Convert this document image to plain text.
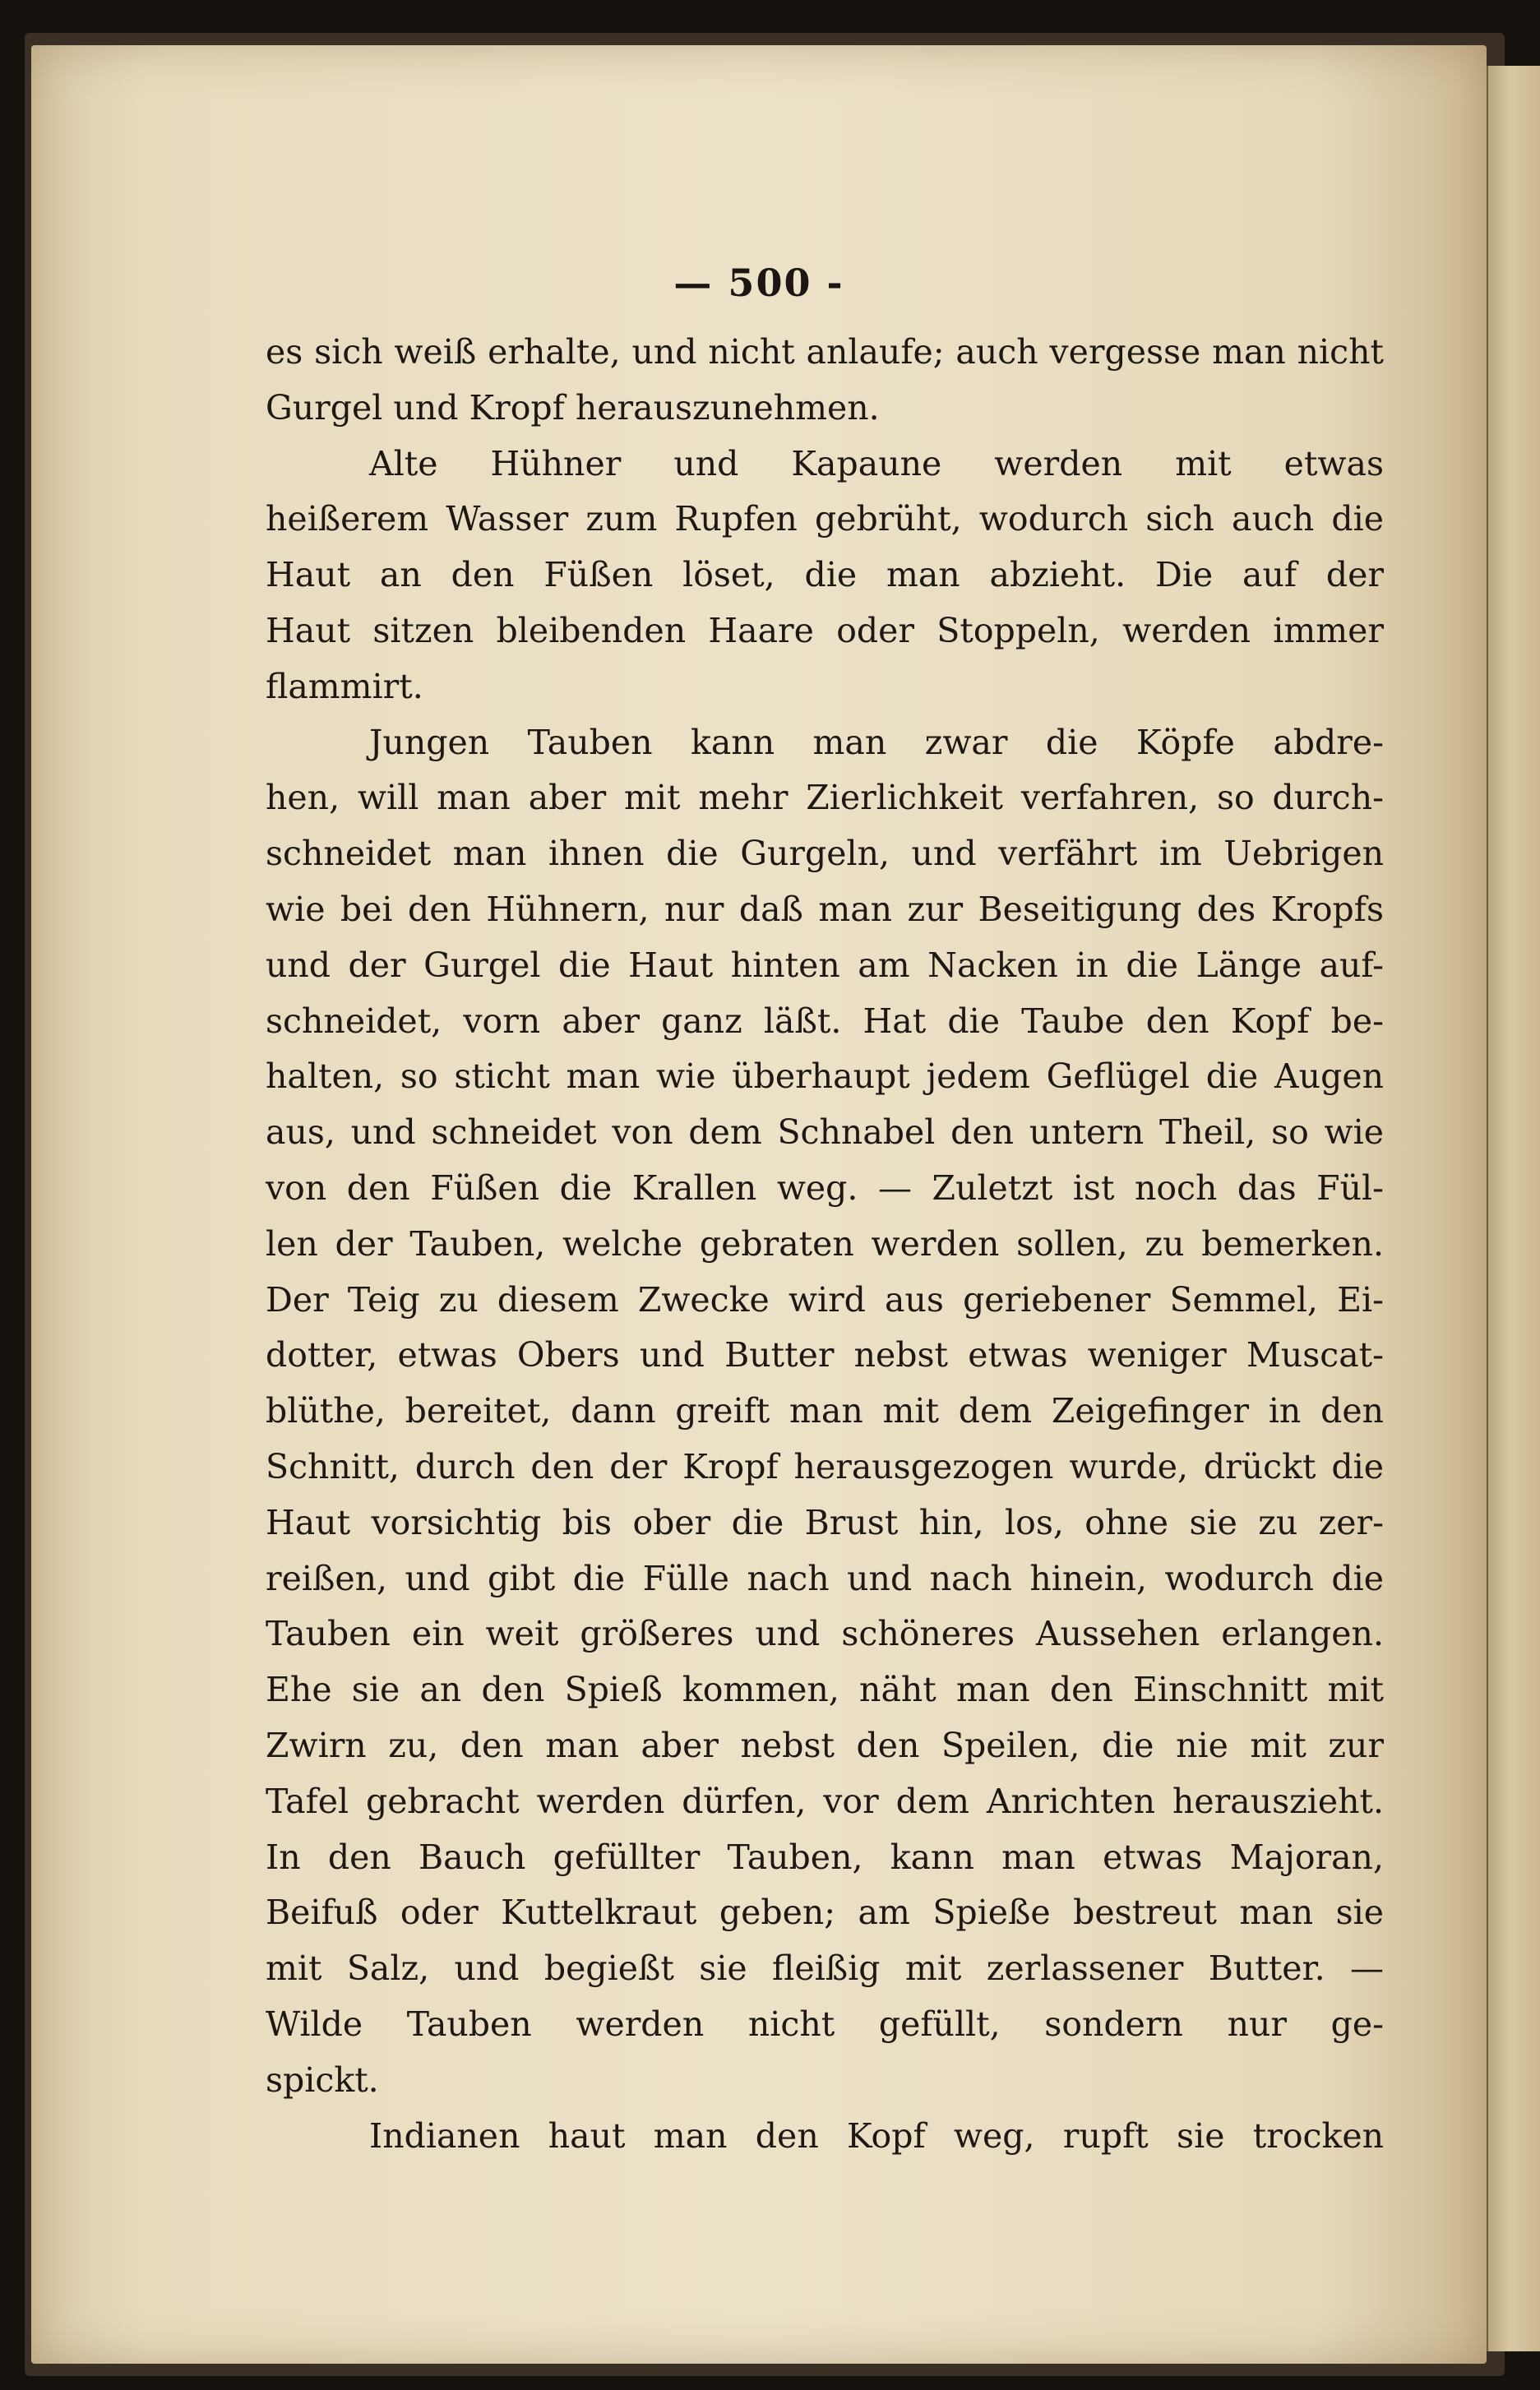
— 500 -
es sich weiß erhalte, und nicht anlaufe; auch vergesse man nicht
Gurgel und Kropf herauszunehmen.
Alte Hühner und Kapaune werden mit etwas
heißerem Wasser zum Rupfen gebrüht, wodurch sich auch die
Haut an den Füßen löset, die man abzieht. Die auf der
Haut sitzen bleibenden Haare oder Stoppeln, werden immer
flammirt.
Jungen Tauben kann man zwar die Köpfe abdre-
hen, will man aber mit mehr Zierlichkeit verfahren, so durch-
schneidet man ihnen die Gurgeln, und verfährt im Uebrigen
wie bei den Hühnern, nur daß man zur Beseitigung des Kropfs
und der Gurgel die Haut hinten am Nacken in die Länge auf-
schneidet, vorn aber ganz läßt. Hat die Taube den Kopf be-
halten, so sticht man wie überhaupt jedem Geflügel die Augen
aus, und schneidet von dem Schnabel den untern Theil, so wie
von den Füßen die Krallen weg. — Zuletzt ist noch das Fül-
len der Tauben, welche gebraten werden sollen, zu bemerken.
Der Teig zu diesem Zwecke wird aus geriebener Semmel, Ei-
dotter, etwas Obers und Butter nebst etwas weniger Muscat-
blüthe, bereitet, dann greift man mit dem Zeigefinger in den
Schnitt, durch den der Kropf herausgezogen wurde, drückt die
Haut vorsichtig bis ober die Brust hin, los, ohne sie zu zer-
reißen, und gibt die Fülle nach und nach hinein, wodurch die
Tauben ein weit größeres und schöneres Aussehen erlangen.
Ehe sie an den Spieß kommen, näht man den Einschnitt mit
Zwirn zu, den man aber nebst den Speilen, die nie mit zur
Tafel gebracht werden dürfen, vor dem Anrichten herauszieht.
In den Bauch gefüllter Tauben, kann man etwas Majoran,
Beifuß oder Kuttelkraut geben; am Spieße bestreut man sie
mit Salz, und begießt sie fleißig mit zerlassener Butter. —
Wilde Tauben werden nicht gefüllt, sondern nur ge-
spickt.
Indianen haut man den Kopf weg, rupft sie trocken
